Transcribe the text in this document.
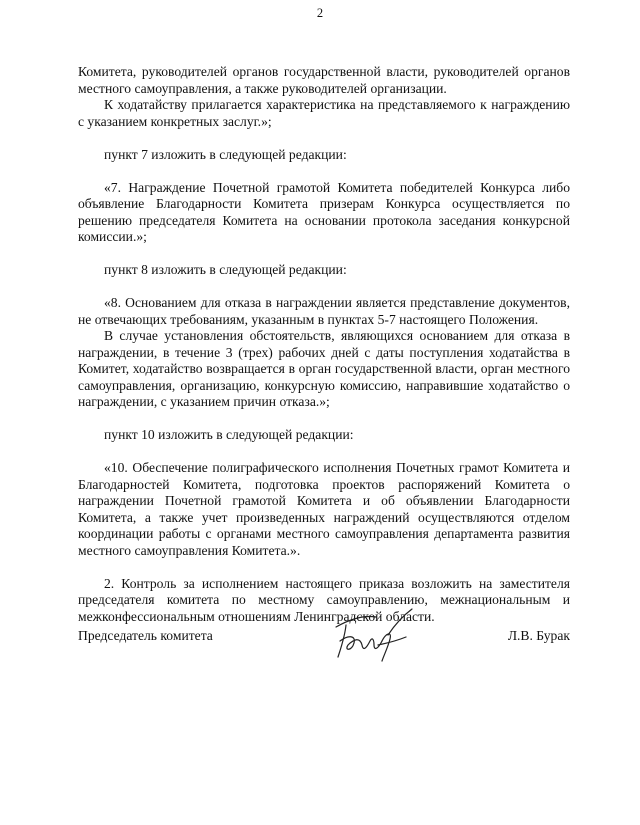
2

Комитета, руководителей органов государственной власти, руководителей органов местного самоуправления, а также руководителей организации.

К ходатайству прилагается характеристика на представляемого к награждению с указанием конкретных заслуг.»;

пункт 7 изложить в следующей редакции:

«7. Награждение Почетной грамотой Комитета победителей Конкурса либо объявление Благодарности Комитета призерам Конкурса осуществляется по решению председателя Комитета на основании протокола заседания конкурсной комиссии.»;

пункт 8 изложить в следующей редакции:

«8. Основанием для отказа в награждении является представление документов, не отвечающих требованиям, указанным в пунктах 5-7 настоящего Положения.

В случае установления обстоятельств, являющихся основанием для отказа в награждении, в течение 3 (трех) рабочих дней с даты поступления ходатайства в Комитет, ходатайство возвращается в орган государственной власти, орган местного самоуправления, организацию, конкурсную комиссию, направившие ходатайство о награждении, с указанием причин отказа.»;

пункт 10 изложить в следующей редакции:

«10. Обеспечение полиграфического исполнения Почетных грамот Комитета и Благодарностей Комитета, подготовка проектов распоряжений Комитета о награждении Почетной грамотой Комитета и об объявлении Благодарности Комитета, а также учет произведенных награждений осуществляются отделом координации работы с органами местного самоуправления департамента развития местного самоуправления Комитета.».

2. Контроль за исполнением настоящего приказа возложить на заместителя председателя комитета по местному самоуправлению, межнациональным и межконфессиональным отношениям Ленинградской области.

Председатель комитета	Л.В. Бурак
